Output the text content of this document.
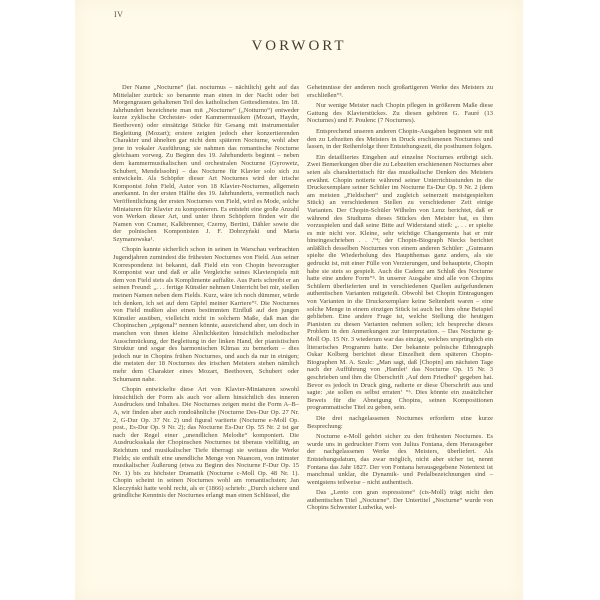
IV
VORWORT

Der Name „Nocturne“ (lat. nocturnus – nächtlich) geht auf das Mittelalter zurück: so benannte man einen in der Nacht oder bei Morgengrauen gehaltenen Teil des katholischen Gottesdienstes. Im 18. Jahrhundert bezeichnete man mit „Nocturne“ („Notturno“) entweder kurze zyklische Orchester- oder Kammermusiken (Mozart, Haydn, Beethoven) oder einsätzige Stücke für Gesang mit instrumentaler Begleitung (Mozart); erstere zeigten jedoch eher konzertierenden Charakter und ähnelten gar nicht dem späteren Nocturne, wohl aber jene in vokaler Ausführung; sie nahmen das romantische Nocturne gleichsam vorweg. Zu Beginn des 19. Jahrhunderts beginnt – neben dem kammermusikalischen und orchestralen Nocturne (Gyrowetz, Schubert, Mendelssohn) – das Nocturne für Klavier solo sich zu entwickeln. Als Schöpfer dieser Art Nocturnes wird der irische Komponist John Field, Autor von 18 Klavier-Nocturnes, allgemein anerkannt. In der ersten Hälfte des 19. Jahrhunderts, vermutlich nach Veröffentlichung der ersten Nocturnes von Field, wird es Mode, solche Miniaturen für Klavier zu komponieren. Es entsteht eine große Anzahl von Werken dieser Art, und unter ihren Schöpfern finden wir die Namen von Cramer, Kalkbrenner, Czerny, Bertini, Dähler sowie die der polnischen Komponisten J. F. Dobrzyński und Maria Szymanowska¹.

Chopin kannte sicherlich schon in seinen in Warschau verbrachten Jugendjahren zumindest die frühesten Nocturnes von Field. Aus seiner Korrespondenz ist bekannt, daß Field ein von Chopin bevorzugter Komponist war und daß er alle Vergleiche seines Klavierspiels mit dem von Field stets als Komplimente auffaßte. Aus Paris schreibt er an seinen Freund: „. . . fertige Künstler nehmen Unterricht bei mir, stellen meinen Namen neben dem Fields. Kurz, wäre ich noch dümmer, würde ich denken, ich sei auf dem Gipfel meiner Karriere“². Die Nocturnes von Field mußten also einen bestimmten Einfluß auf den jungen Künstler ausüben, vielleicht nicht in solchem Maße, daß man die Chopinschen „epigonal“ nennen könnte, ausreichend aber, um doch in manchen von ihnen kleine Ähnlichkeiten hinsichtlich melodischer Ausschmückung, der Begleitung in der linken Hand, der pianistischen Struktur und sogar des harmonischen Klimas zu bemerken – dies jedoch nur in Chopins frühen Nocturnes, und auch da nur in einigen; die meisten der 18 Nocturnes des irischen Meisters stehen nämlich mehr dem Charakter eines Mozart, Beethoven, Schubert oder Schumann nahe.

Chopin entwickelte diese Art von Klavier-Miniaturen sowohl hinsichtlich der Form als auch vor allem hinsichtlich des inneren Ausdruckes und Inhaltes. Die Nocturnes zeigen meist die Form A–B–A, wir finden aber auch rondoähnliche (Nocturne Des-Dur Op. 27 Nr. 2, G-Dur Op. 37 Nr. 2) und figural variierte (Nocturne e-Moll Op. post., Es-Dur Op. 9 Nr. 2); das Nocturne Es-Dur Op. 55 Nr. 2 ist gar nach der Regel einer „unendlichen Melodie“ komponiert. Die Ausdrucksskala der Chopinschen Nocturnes ist überaus vielfältig, an Reichtum und musikalischer Tiefe überragt sie weitaus die Werke Fields; sie enthält eine unendliche Menge von Nuancen, von intimster musikalischer Äußerung (etwa zu Beginn des Nocturne F-Dur Op. 15 Nr. 1) bis zu höchster Dramatik (Nocturne c-Moll Op. 48 Nr. 1). Chopin scheint in seinen Nocturnes wohl am romantischsten; Jan Kleczyński hatte wohl recht, als er (1866) schrieb: „Durch sichere und gründliche Kenntnis der Nocturnes erlangt man einen Schlüssel, die

Geheimnisse der anderen noch großartigeren Werke des Meisters zu erschließen“³.

Nur wenige Meister nach Chopin pflegen in größerem Maße diese Gattung des Klavierstückes. Zu diesen gehören G. Fauré (13 Nocturnes) und F. Poulenc (7 Nocturnes).

Entsprechend unseren anderen Chopin-Ausgaben beginnen wir mit den zu Lebzeiten des Meisters in Druck erschienenen Nocturnes und lassen, in der Reihenfolge ihrer Entstehungszeit, die posthumen folgen.

Ein detailliertes Eingehen auf einzelne Nocturnes erübrigt sich. Zwei Bemerkungen über die zu Lebzeiten erschienenen Nocturnes aber seien als charakteristisch für das musikalische Denken des Meisters erwähnt. Chopin notierte während seiner Unterrichtsstunden in die Druckexemplare seiner Schüler im Nocturne Es-Dur Op. 9 Nr. 2 (dem am meisten „Fieldschen“ und zugleich seinerzeit meistgespielten Stück) an verschiedenen Stellen zu verschiedener Zeit einige Varianten. Der Chopin-Schüler Wilhelm von Lenz berichtet, daß er während des Studiums dieses Stückes den Meister bat, es ihm vorzuspielen und daß seine Bitte auf Widerstand stieß: „. . . er spielte es mir nicht vor. Kleine, sehr wichtige Changements hat er mir hineingeschrieben . . .“⁴; der Chopin-Biograph Niecks berichtet anläßlich desselben Nocturnes von einem anderen Schüler: „Gutmann spielte die Wiederholung des Hauptthemas ganz anders, als sie gedruckt ist, mit einer Fülle von Verzierungen, und behauptete, Chopin habe sie stets so gespielt. Auch die Cadenz am Schluß des Nocturne hatte eine andere Form“⁵. In unserer Ausgabe sind alle von Chopins Schülern überlieferten und in verschiedenen Quellen aufgefundenen authentischen Varianten mitgeteilt. Obwohl bei Chopin Eintragungen von Varianten in die Druckexemplare keine Seltenheit waren – eine solche Menge in einem einzigen Stück ist auch bei ihm ohne Beispiel geblieben. Eine andere Frage ist, welche Stellung die heutigen Pianisten zu diesen Varianten nehmen sollen; ich bespreche dieses Problem in den Anmerkungen zur Interpretation. – Das Nocturne g-Moll Op. 15 Nr. 3 wiederum war das einzige, welches ursprünglich ein literarisches Programm hatte. Der bekannte polnische Ethnograph Oskar Kolberg berichtet diese Einzelheit dem späteren Chopin-Biographen M. A. Szulc: „Man sagt, daß [Chopin] am nächsten Tage nach der Aufführung von ‚Hamlet‘ das Nocturne Op. 15 Nr. 3 geschrieben und ihm die Überschrift ‚Auf dem Friedhof‘ gegeben hat. Bevor es jedoch in Druck ging, radierte er diese Überschrift aus und sagte: ‚sie sollen es selbst erraten‘ “⁶. Dies könnte ein zusätzlicher Beweis für die Abneigung Chopins, seinen Kompositionen programmatische Titel zu geben, sein.

Die drei nachgelassenen Nocturnes erfordern eine kurze Besprechung:

Nocturne e-Moll gehört sicher zu den frühesten Nocturnes. Es wurde uns in gedruckter Form von Julius Fontana, dem Herausgeber der nachgelassenen Werke des Meisters, überliefert. Als Entstehungsdatum, das zwar möglich, nicht aber sicher ist, nennt Fontana das Jahr 1827. Der von Fontana herausgegebene Notentext ist manchmal unklar, die Dynamik- und Pedalbezeichnungen sind – wenigstens teilweise – nicht authentisch.

Das „Lento con gran espressione“ (cis-Moll) trägt nicht den authentischen Titel „Nocturne“. Der Untertitel „Nocturne“ wurde von Chopins Schwester Ludwika, wel-
